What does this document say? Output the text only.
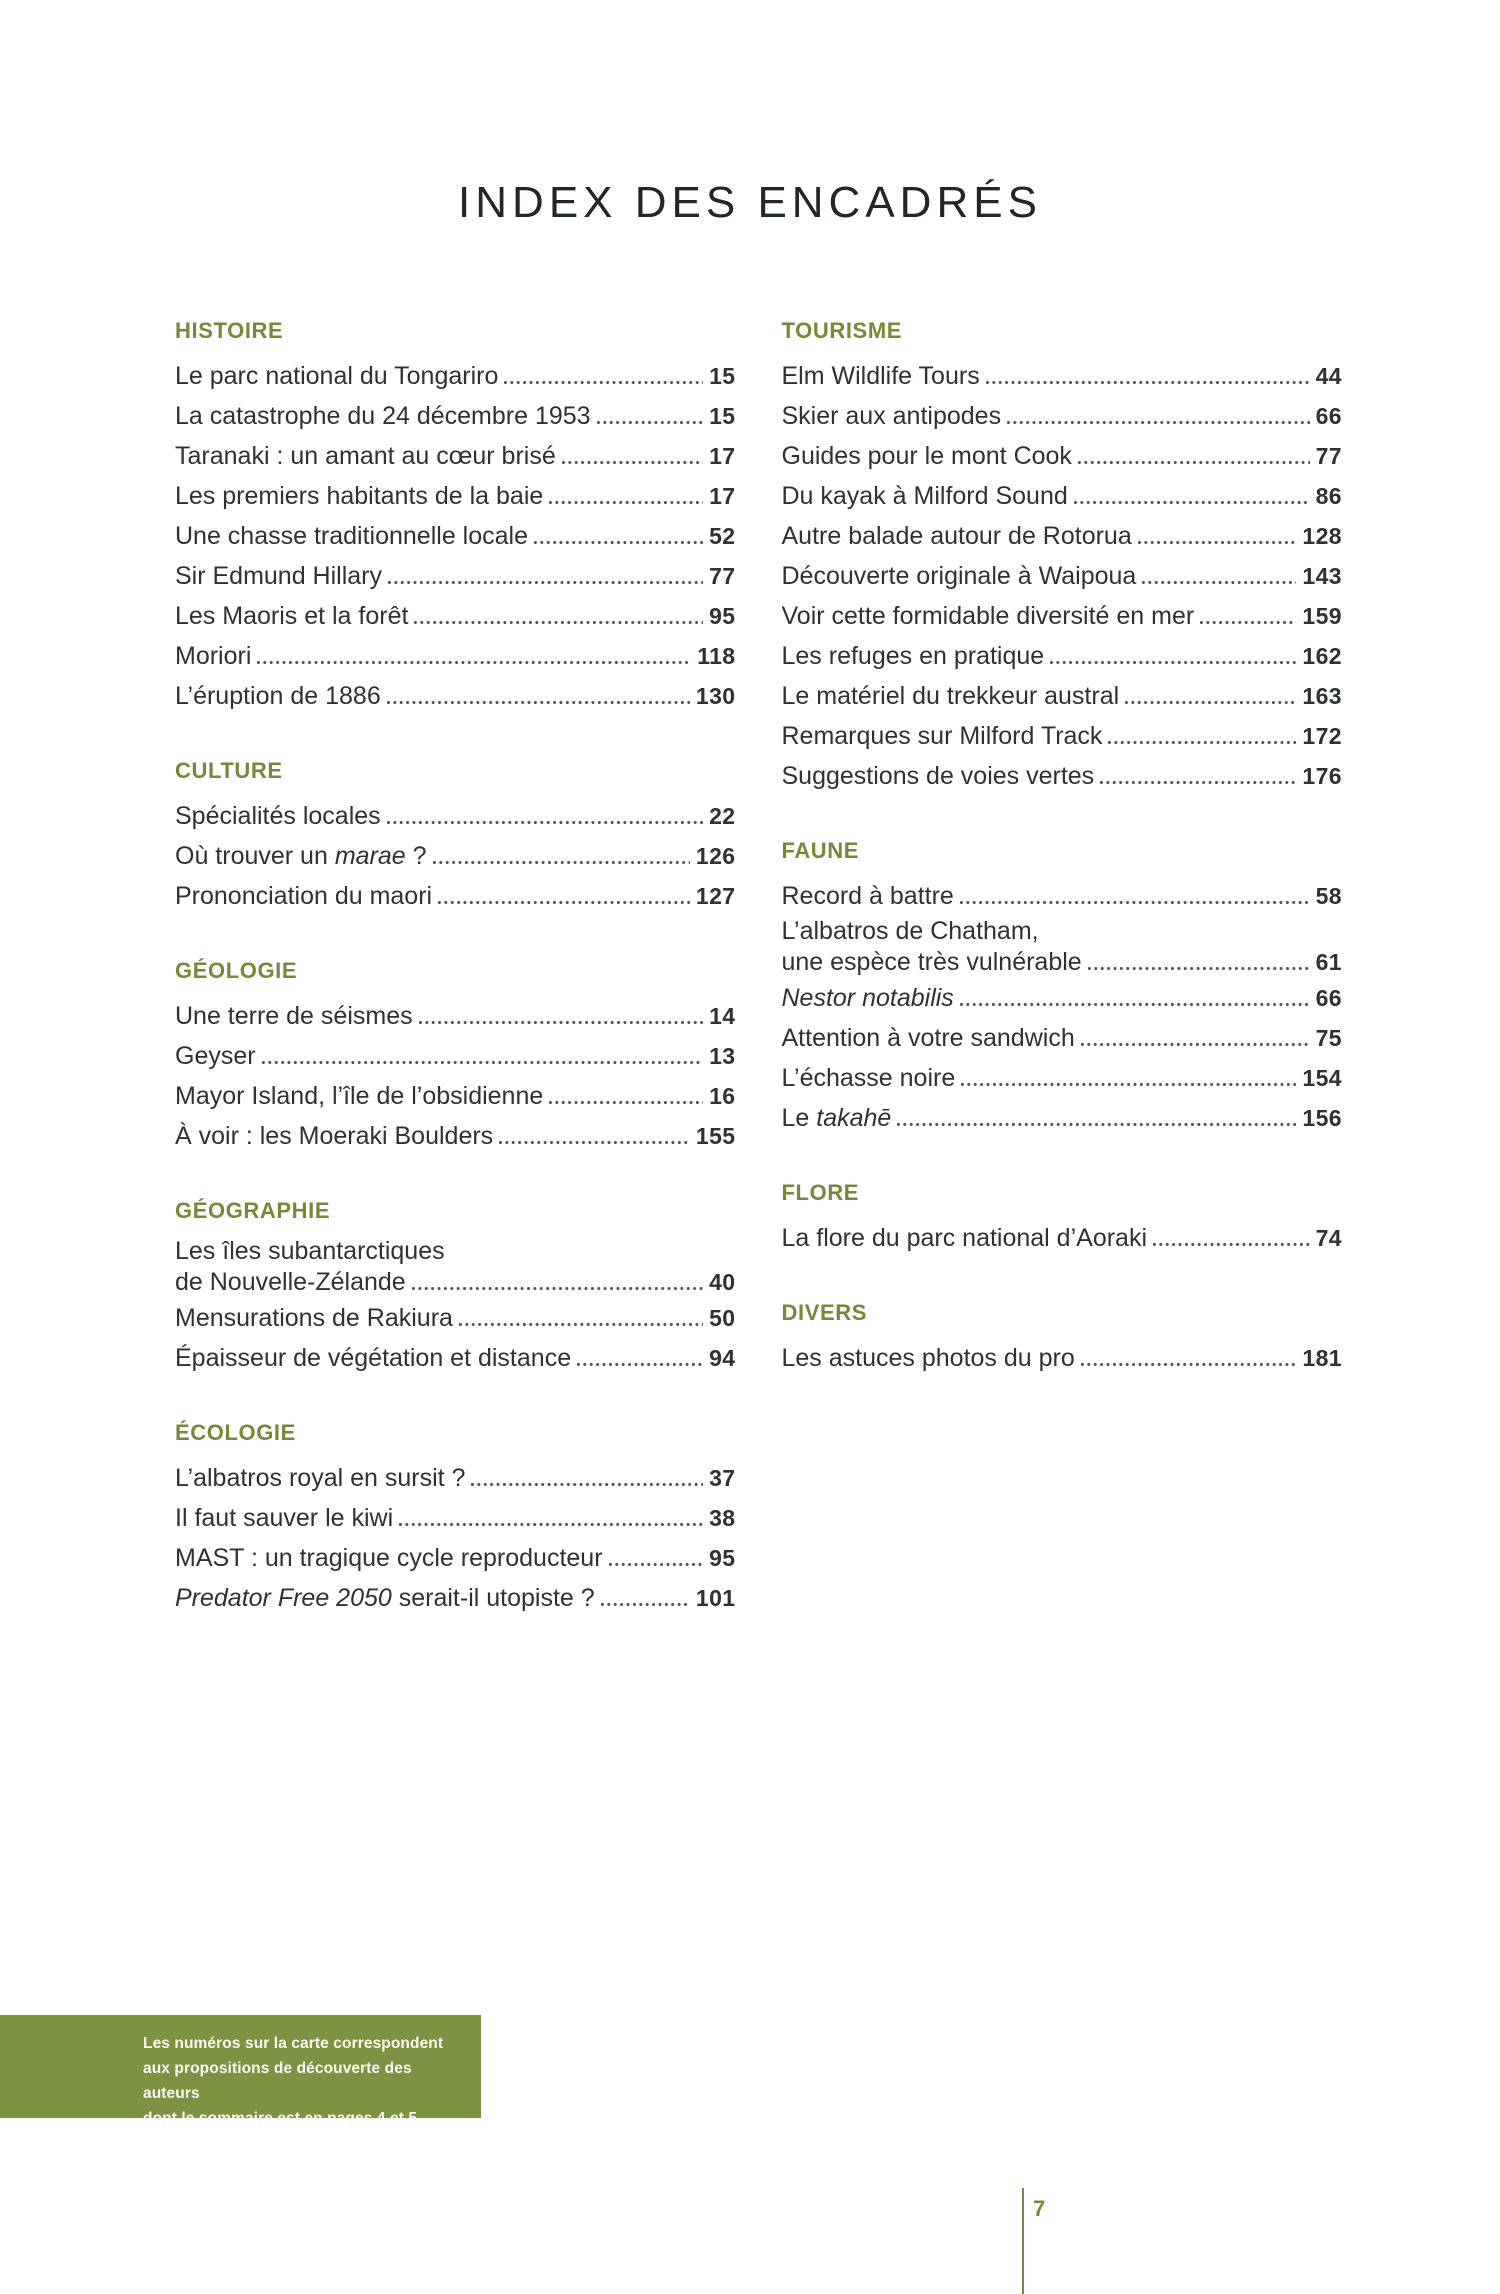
INDEX DES ENCADRÉS
HISTOIRE
Le parc national du Tongariro	15
La catastrophe du 24 décembre 1953	15
Taranaki : un amant au cœur brisé	17
Les premiers habitants de la baie	17
Une chasse traditionnelle locale	52
Sir Edmund Hillary	77
Les Maoris et la forêt	95
Moriori	118
L’éruption de 1886	130
CULTURE
Spécialités locales	22
Où trouver un marae ?	126
Prononciation du maori	127
GÉOLOGIE
Une terre de séismes	14
Geyser	13
Mayor Island, l’île de l’obsidienne	16
À voir : les Moeraki Boulders	155
GÉOGRAPHIE
Les îles subantarctiques
de Nouvelle-Zélande	40
Mensurations de Rakiura	50
Épaisseur de végétation et distance	94
ÉCOLOGIE
L’albatros royal en sursit ?	37
Il faut sauver le kiwi	38
MAST : un tragique cycle reproducteur	95
Predator Free 2050 serait-il utopiste ?	101
TOURISME
Elm Wildlife Tours	44
Skier aux antipodes	66
Guides pour le mont Cook	77
Du kayak à Milford Sound	86
Autre balade autour de Rotorua	128
Découverte originale à Waipoua	143
Voir cette formidable diversité en mer	159
Les refuges en pratique	162
Le matériel du trekkeur austral	163
Remarques sur Milford Track	172
Suggestions de voies vertes	176
FAUNE
Record à battre	58
L’albatros de Chatham,
une espèce très vulnérable	61
Nestor notabilis	66
Attention à votre sandwich	75
L’échasse noire	154
Le takahē	156
FLORE
La flore du parc national d’Aoraki	74
DIVERS
Les astuces photos du pro	181

Les numéros sur la carte correspondent

aux propositions de découverte des auteurs

dont le sommaire est en pages 4 et 5.

7
